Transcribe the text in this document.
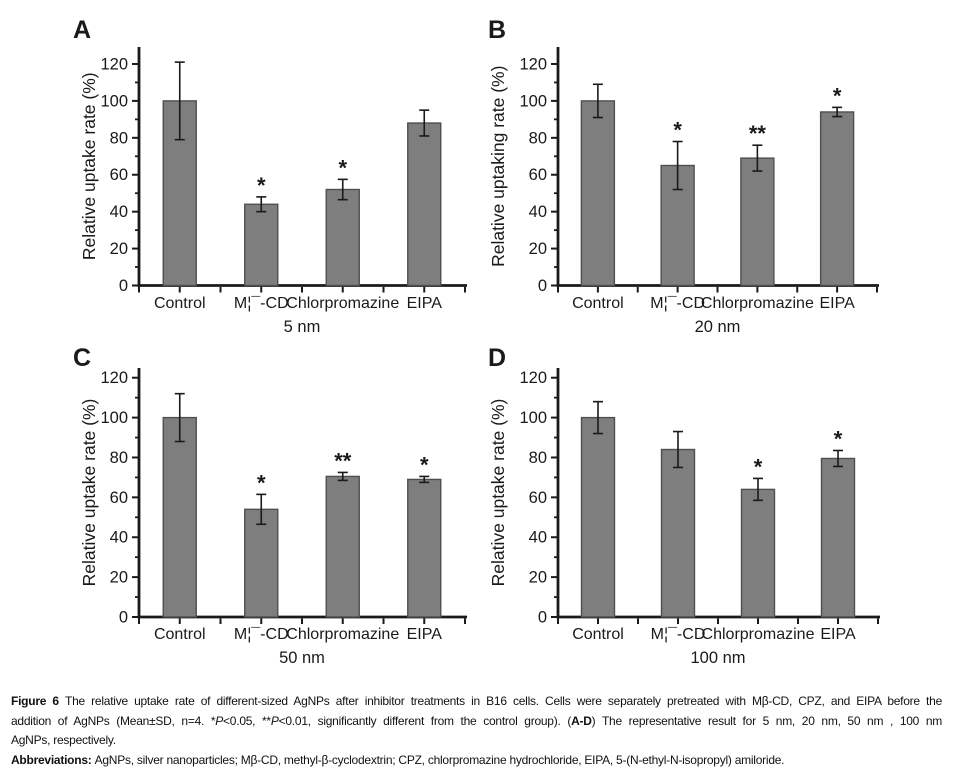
A
Relative uptake rate (%)
0
20
40
60
80
100
120
Control
*
M¦¯-CD
*
Chlorpromazine EIPA
5 nm
B
Relative uptaking rate (%)
0
20
40
60
80
100
120
Control
*
M¦¯-CD
**
Chlorpromazine
*
EIPA
20 nm
C
Relative uptake rate (%)
0
20
40
60
80
100
120
Control
*
M¦¯-CD
**
Chlorpromazine
*
EIPA
50 nm
D
Relative uptake rate (%)
0
20
40
60
80
100
120
Control M¦¯-CD
*
Chlorpromazine
*
EIPA
100 nm
Figure 6 The relative uptake rate of different-sized AgNPs after inhibitor treatments in B16 cells. Cells were separately pretreated with Mβ-CD, CPZ, and EIPA before the
addition of AgNPs (Mean±SD, n=4. *P<0.05, **P<0.01, significantly different from the control group). (A-D) The representative result for 5 nm, 20 nm, 50 nm , 100 nm
AgNPs, respectively.
Abbreviations: AgNPs, silver nanoparticles; Mβ-CD, methyl-β-cyclodextrin; CPZ, chlorpromazine hydrochloride, EIPA, 5-(N-ethyl-N-isopropyl) amiloride.
